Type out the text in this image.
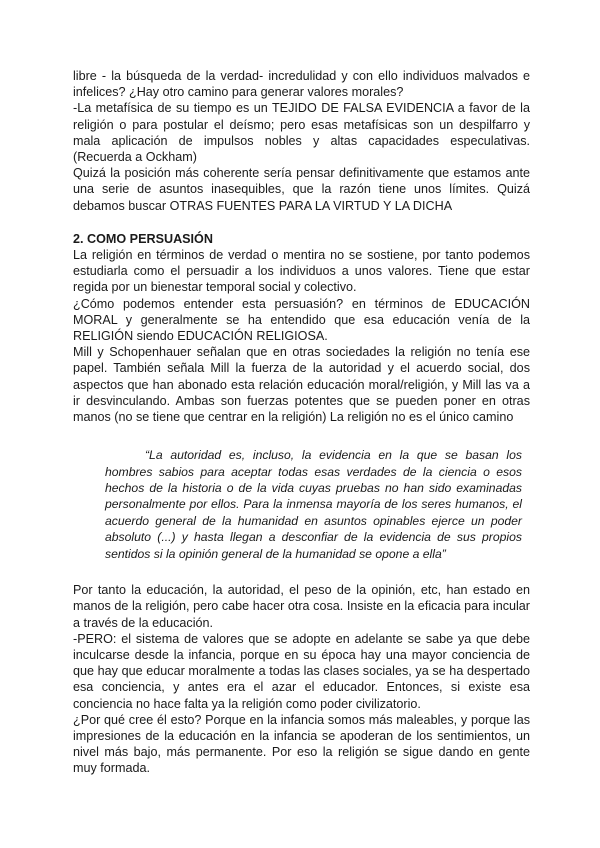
libre - la búsqueda de la verdad- incredulidad y con ello individuos malvados e infelices? ¿Hay otro camino para generar valores morales?

-La metafísica de su tiempo es un TEJIDO DE FALSA EVIDENCIA a favor de la religión o para postular el deísmo; pero esas metafísicas son un despilfarro y mala aplicación de impulsos nobles y altas capacidades especulativas. (Recuerda a Ockham)

Quizá la posición más coherente sería pensar definitivamente que estamos ante una serie de asuntos inasequibles, que la razón tiene unos límites. Quizá debamos buscar OTRAS FUENTES PARA LA VIRTUD Y LA DICHA

2. COMO PERSUASIÓN

La religión en términos de verdad o mentira no se sostiene, por tanto podemos estudiarla como el persuadir a los individuos a unos valores. Tiene que estar regida por un bienestar temporal social y colectivo.

¿Cómo podemos entender esta persuasión? en términos de EDUCACIÓN MORAL y generalmente se ha entendido que esa educación venía de la RELIGIÓN siendo EDUCACIÓN RELIGIOSA.

Mill y Schopenhauer señalan que en otras sociedades la religión no tenía ese papel. También señala Mill la fuerza de la autoridad y el acuerdo social, dos aspectos que han abonado esta relación educación moral/religión, y Mill las va a ir desvinculando. Ambas son fuerzas potentes que se pueden poner en otras manos (no se tiene que centrar en la religión) La religión no es el único camino

“La autoridad es, incluso, la evidencia en la que se basan los hombres sabios para aceptar todas esas verdades de la ciencia o esos hechos de la historia o de la vida cuyas pruebas no han sido examinadas personalmente por ellos. Para la inmensa mayoría de los seres humanos, el acuerdo general de la humanidad en asuntos opinables ejerce un poder absoluto (...) y hasta llegan a desconfiar de la evidencia de sus propios sentidos si la opinión general de la humanidad se opone a ella”

Por tanto la educación, la autoridad, el peso de la opinión, etc, han estado en manos de la religión, pero cabe hacer otra cosa. Insiste en la eficacia para incular a través de la educación.

-PERO: el sistema de valores que se adopte en adelante se sabe ya que debe inculcarse desde la infancia, porque en su época hay una mayor conciencia de que hay que educar moralmente a todas las clases sociales, ya se ha despertado esa conciencia, y antes era el azar el educador. Entonces, si existe esa conciencia no hace falta ya la religión como poder civilizatorio.

¿Por qué cree él esto? Porque en la infancia somos más maleables, y porque las impresiones de la educación en la infancia se apoderan de los sentimientos, un nivel más bajo, más permanente. Por eso la religión se sigue dando en gente muy formada.
